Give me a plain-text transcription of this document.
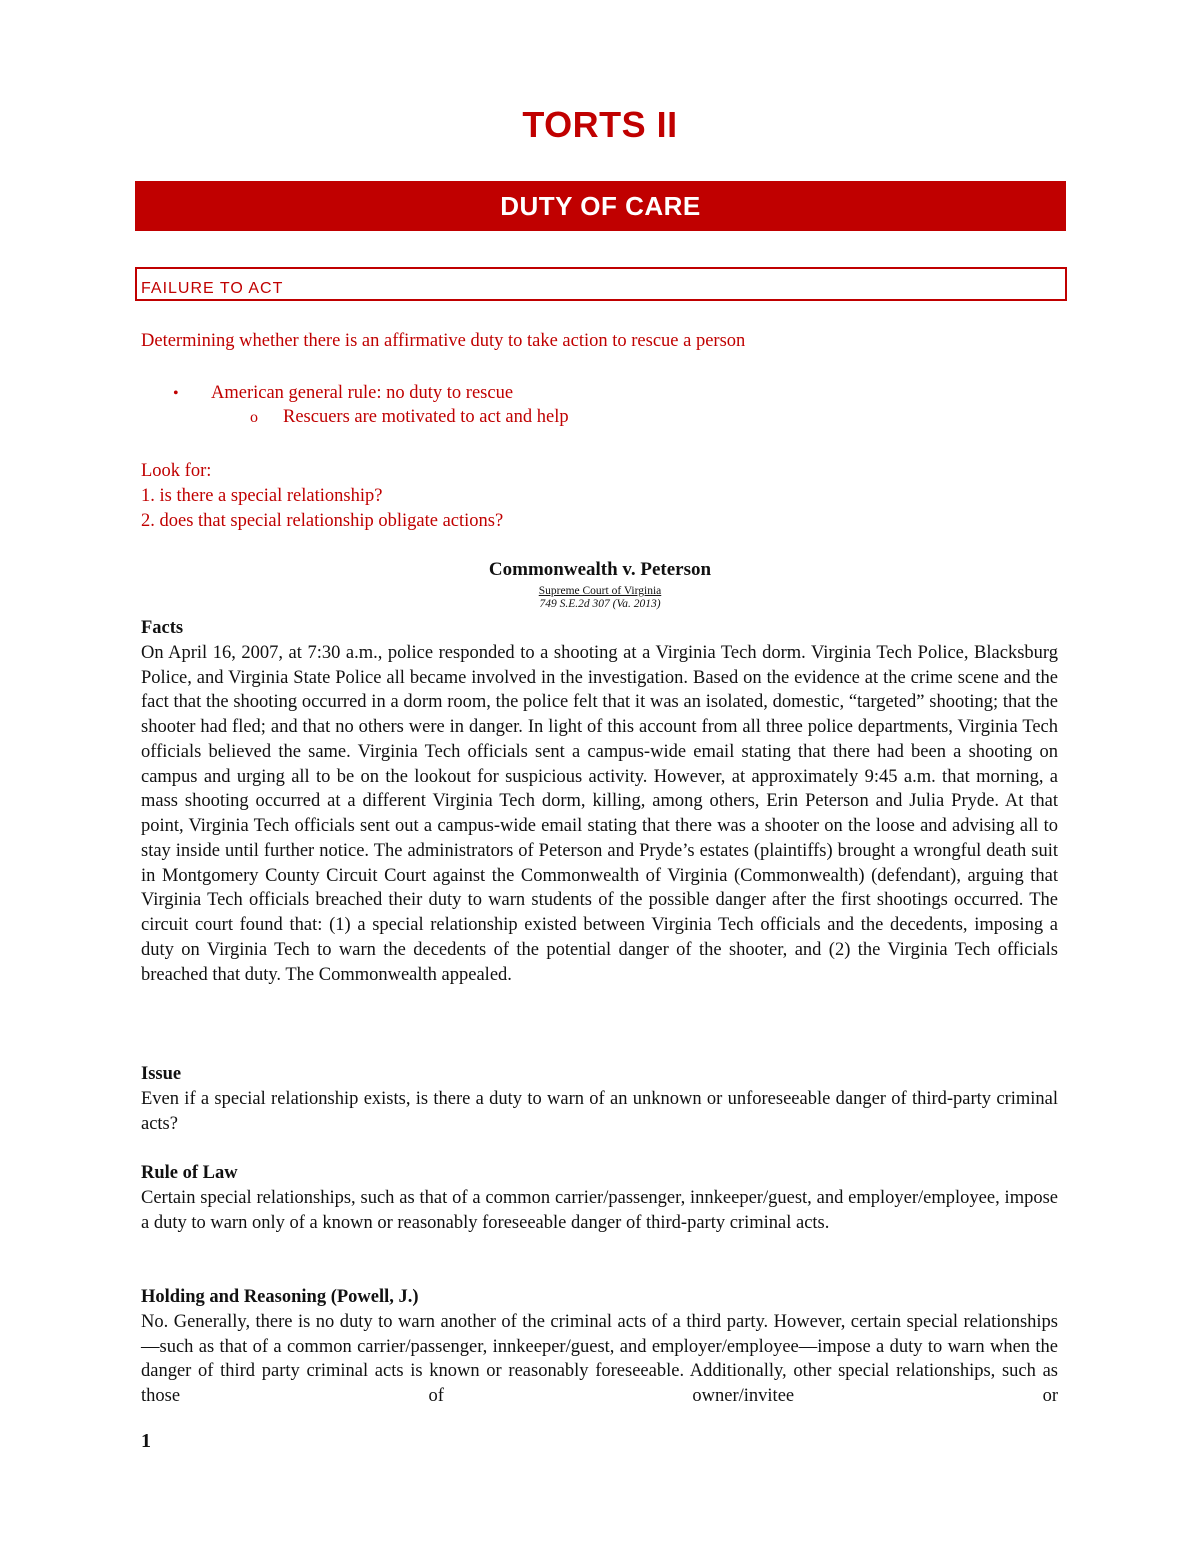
TORTS II
DUTY OF CARE
FAILURE TO ACT
Determining whether there is an affirmative duty to take action to rescue a person
• American general rule: no duty to rescue
o Rescuers are motivated to act and help
Look for:
1. is there a special relationship?
2. does that special relationship obligate actions?
Commonwealth v. Peterson
Supreme Court of Virginia
749 S.E.2d 307 (Va. 2013)
Facts

On April 16, 2007, at 7:30 a.m., police responded to a shooting at a Virginia Tech dorm. Virginia Tech Police, Blacksburg Police, and Virginia State Police all became involved in the investigation. Based on the evidence at the crime scene and the fact that the shooting occurred in a dorm room, the police felt that it was an isolated, domestic, “targeted” shooting; that the shooter had fled; and that no others were in danger. In light of this account from all three police departments, Virginia Tech officials believed the same. Virginia Tech officials sent a campus-wide email stating that there had been a shooting on campus and urging all to be on the lookout for suspicious activity. However, at approximately 9:45 a.m. that morning, a mass shooting occurred at a different Virginia Tech dorm, killing, among others, Erin Peterson and Julia Pryde. At that point, Virginia Tech officials sent out a campus-wide email stating that there was a shooter on the loose and advising all to stay inside until further notice. The administrators of Peterson and Pryde’s estates (plaintiffs) brought a wrongful death suit in Montgomery County Circuit Court against the Commonwealth of Virginia (Commonwealth) (defendant), arguing that Virginia Tech officials breached their duty to warn students of the possible danger after the first shootings occurred. The circuit court found that: (1) a special relationship existed between Virginia Tech officials and the decedents, imposing a duty on Virginia Tech to warn the decedents of the potential danger of the shooter, and (2) the Virginia Tech officials breached that duty. The Commonwealth appealed.

Issue

Even if a special relationship exists, is there a duty to warn of an unknown or unforeseeable danger of third-party criminal acts?

Rule of Law

Certain special relationships, such as that of a common carrier/passenger, innkeeper/guest, and employer/employee, impose a duty to warn only of a known or reasonably foreseeable danger of third-party criminal acts.

Holding and Reasoning (Powell, J.)

No. Generally, there is no duty to warn another of the criminal acts of a third party. However, certain special relationships—such as that of a common carrier/passenger, innkeeper/guest, and employer/employee—impose a duty to warn when the danger of third party criminal acts is known or reasonably foreseeable. Additionally, other special relationships, such as those of owner/invitee or

1
